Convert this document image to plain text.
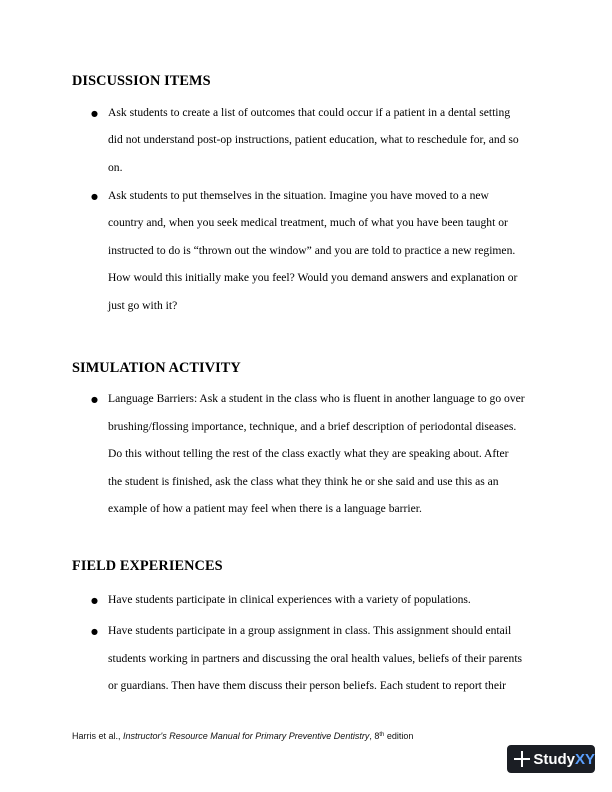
DISCUSSION ITEMS
● Ask students to create a list of outcomes that could occur if a patient in a dental setting

did not understand post-op instructions, patient education, what to reschedule for, and so

on.

● Ask students to put themselves in the situation. Imagine you have moved to a new

country and, when you seek medical treatment, much of what you have been taught or

instructed to do is “thrown out the window” and you are told to practice a new regimen.

How would this initially make you feel? Would you demand answers and explanation or

just go with it?

SIMULATION ACTIVITY
● Language Barriers: Ask a student in the class who is fluent in another language to go over

brushing/flossing importance, technique, and a brief description of periodontal diseases.

Do this without telling the rest of the class exactly what they are speaking about. After

the student is finished, ask the class what they think he or she said and use this as an

example of how a patient may feel when there is a language barrier.

FIELD EXPERIENCES
● Have students participate in clinical experiences with a variety of populations.

● Have students participate in a group assignment in class. This assignment should entail

students working in partners and discussing the oral health values, beliefs of their parents

or guardians. Then have them discuss their person beliefs. Each student to report their

Harris et al., Instructor's Resource Manual for Primary Preventive Dentistry, 8th edition
Study XY
